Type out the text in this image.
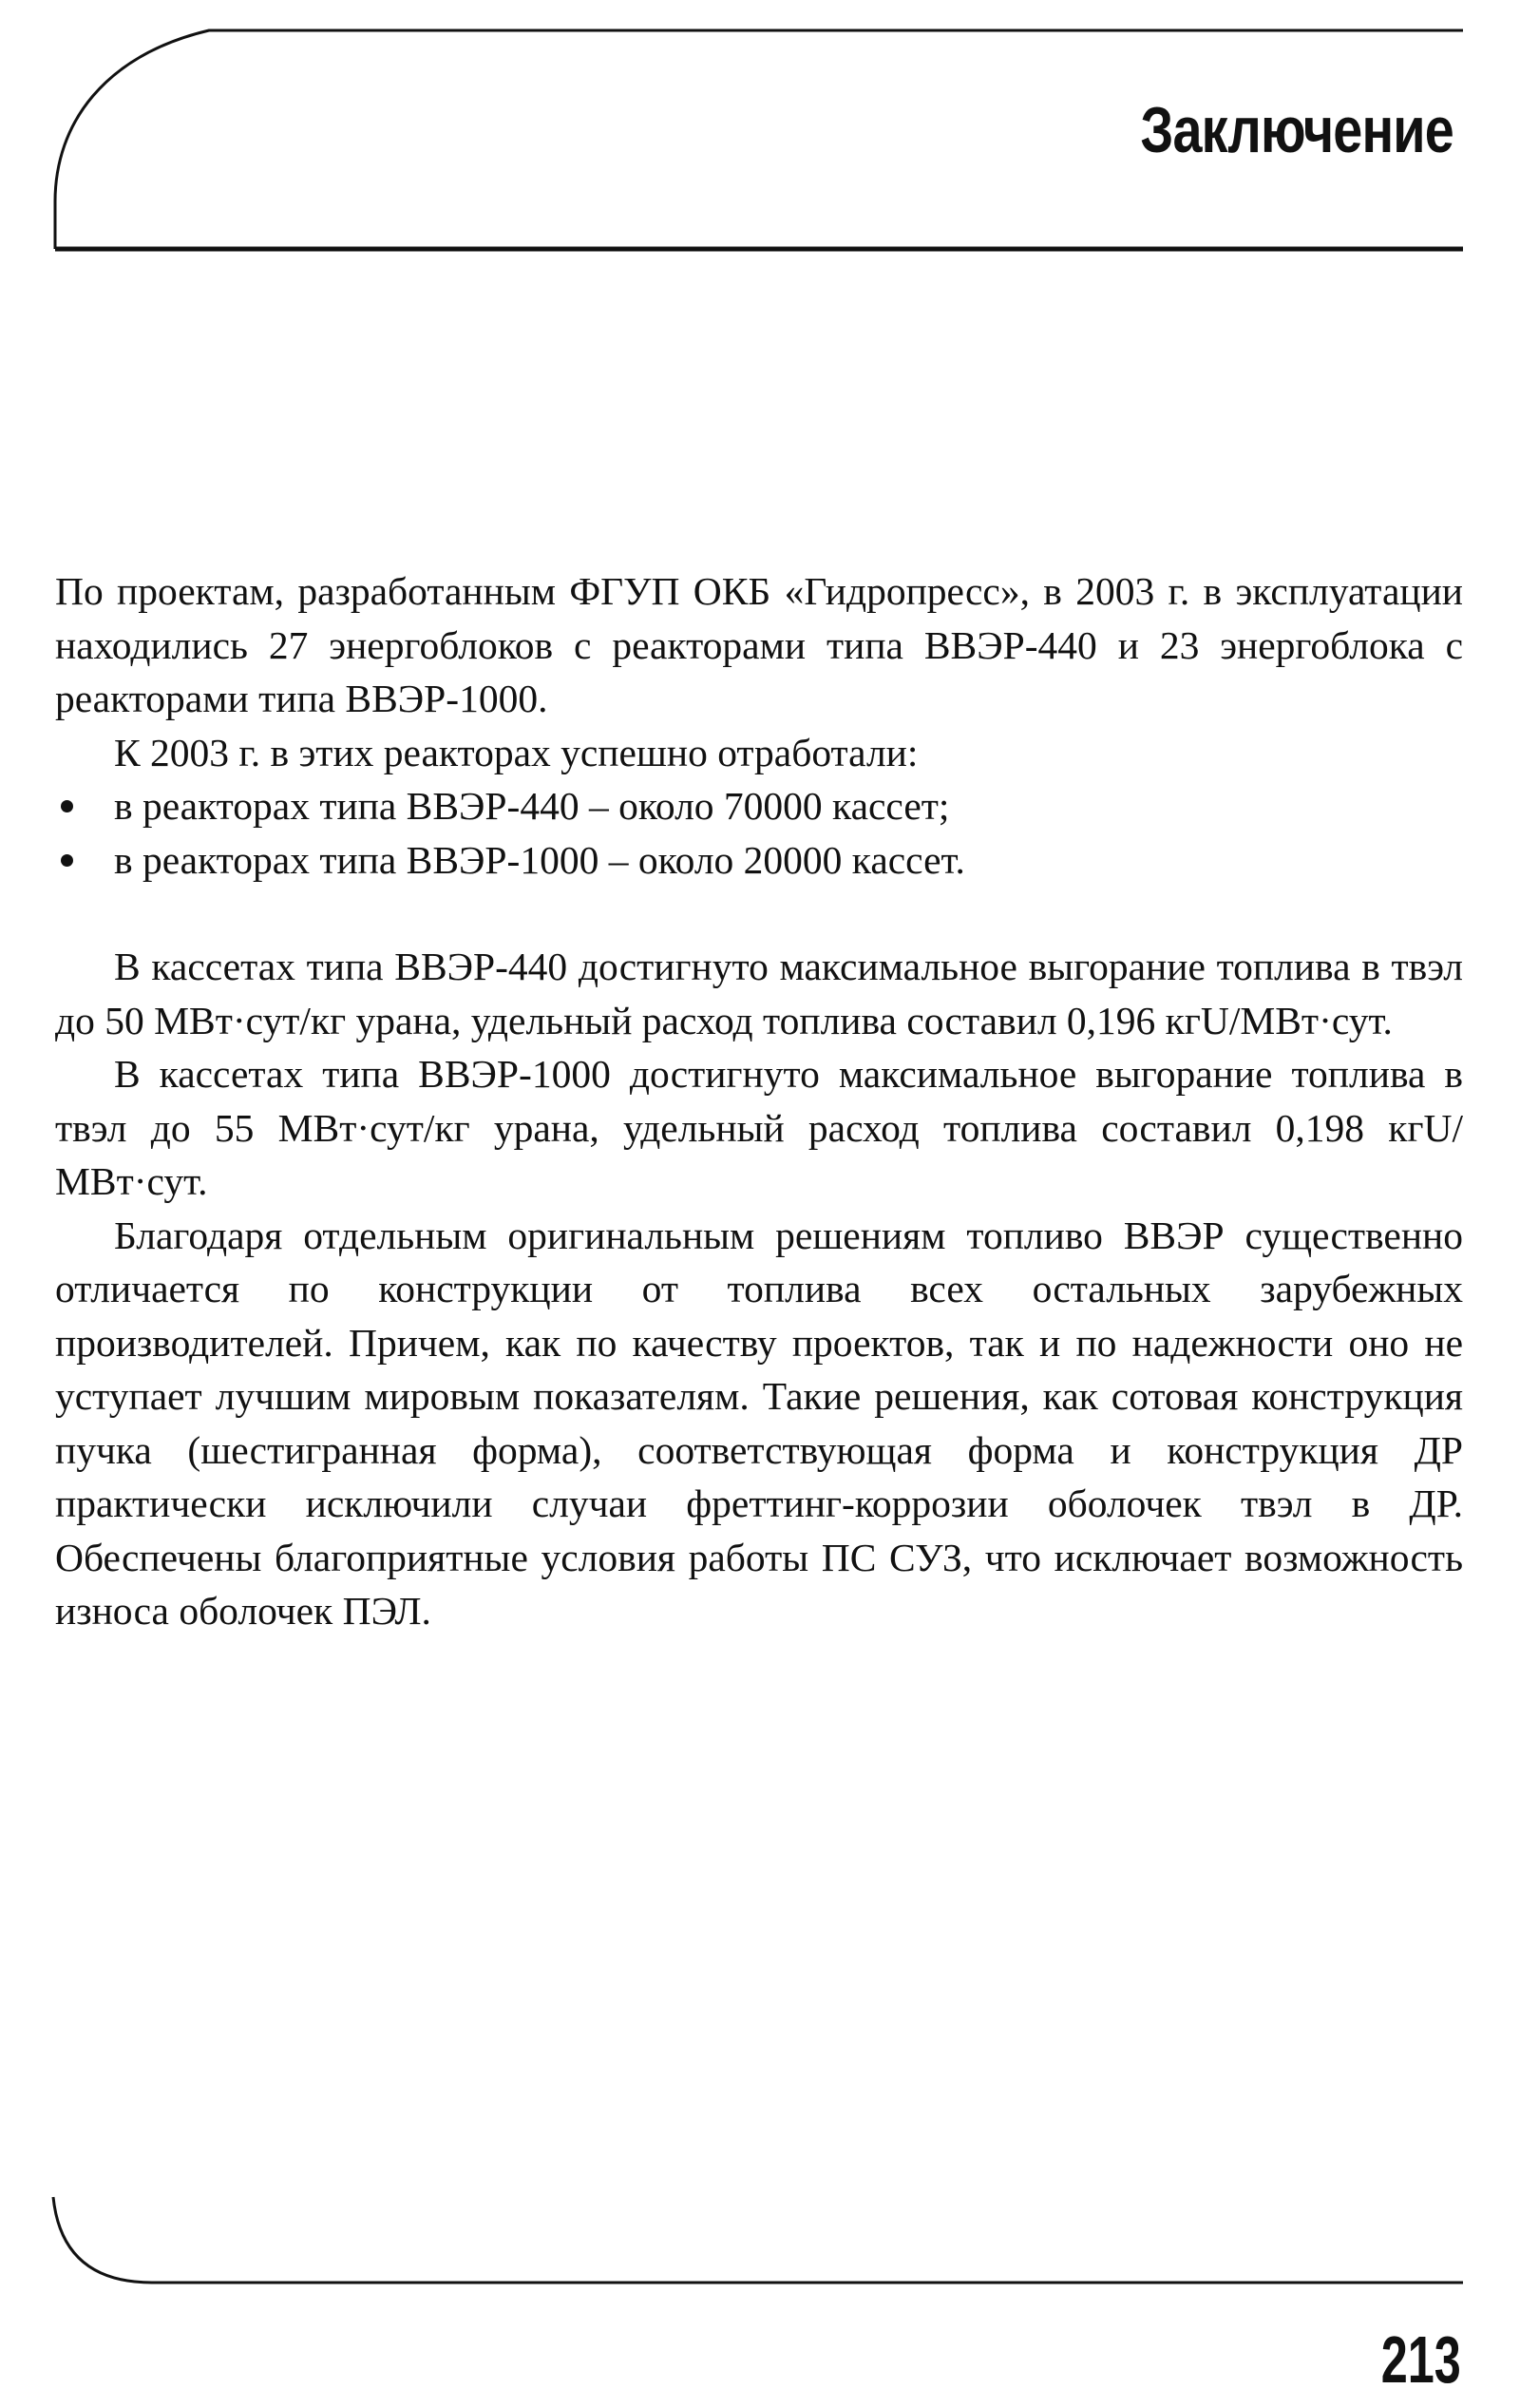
Заключение

По проектам, разработанным ФГУП ОКБ «Гидропресс», в 2003 г. в эксплуатации находились 27 энергоблоков с реакторами типа ВВЭР-440 и 23 энергоблока с реакторами типа ВВЭР-1000.

К 2003 г. в этих реакторах успешно отработали:

в реакторах типа ВВЭР-440 – около 70000 кассет;
в реакторах типа ВВЭР-1000 – около 20000 кассет.

В кассетах типа ВВЭР-440 достигнуто максимальное выгорание топлива в твэл до 50 МВт·сут/кг урана, удельный расход топлива составил 0,196 кгU/МВт·сут.

В кассетах типа ВВЭР-1000 достигнуто максимальное выгорание топлива в твэл до 55 МВт·сут/кг урана, удельный расход топлива составил 0,198 кгU/МВт·сут.

Благодаря отдельным оригинальным решениям топливо ВВЭР существенно отличается по конструкции от топлива всех остальных зарубежных производителей. Причем, как по качеству проектов, так и по надежности оно не уступает лучшим мировым показателям. Такие решения, как сотовая конструкция пучка (шестигранная форма), соответствующая форма и конструкция ДР практически исключили случаи фреттинг-коррозии оболочек твэл в ДР. Обеспечены благоприятные условия работы ПС СУЗ, что исключает возможность износа оболочек ПЭЛ.

213
